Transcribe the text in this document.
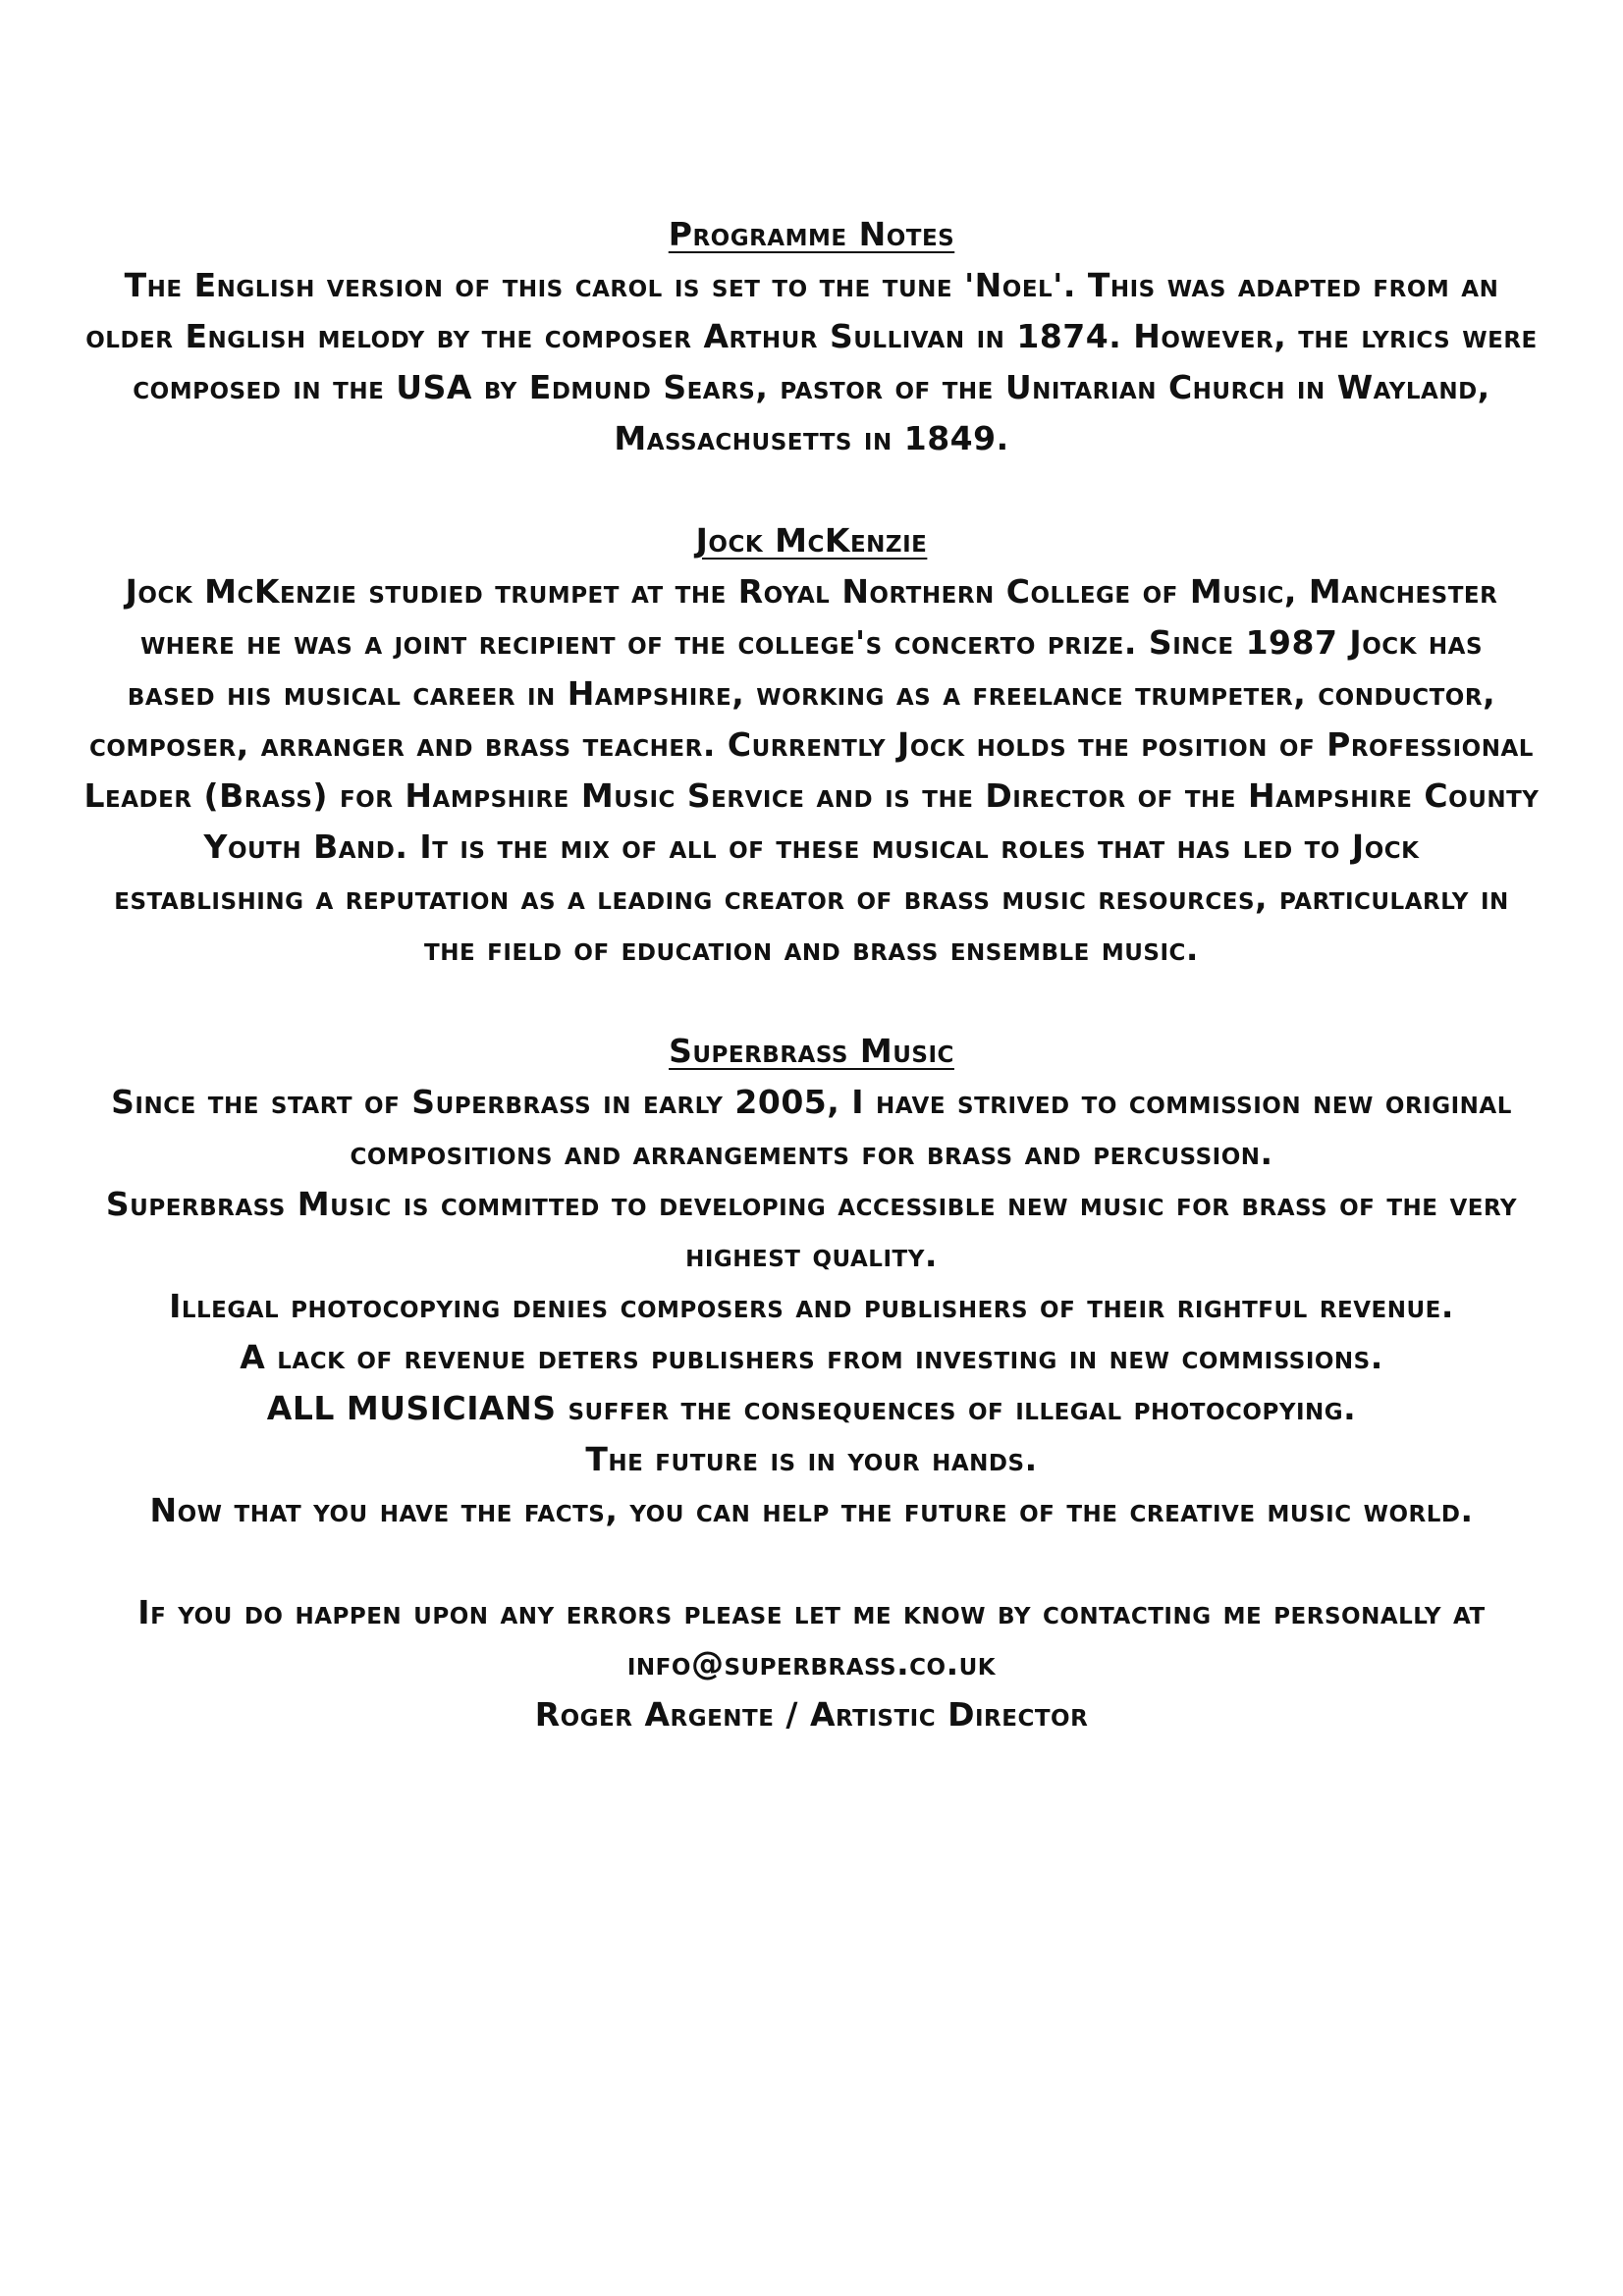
Programme Notes

The English version of this carol is set to the tune 'Noel'. This was adapted from an

older English melody by the composer Arthur Sullivan in 1874. However, the lyrics were

composed in the USA by Edmund Sears, pastor of the Unitarian Church in Wayland,

Massachusetts in 1849.

Jock McKenzie

Jock McKenzie studied trumpet at the Royal Northern College of Music, Manchester

where he was a joint recipient of the college's concerto prize. Since 1987 Jock has

based his musical career in Hampshire, working as a freelance trumpeter, conductor,

composer, arranger and brass teacher. Currently Jock holds the position of Professional

Leader (Brass) for Hampshire Music Service and is the Director of the Hampshire County

Youth Band. It is the mix of all of these musical roles that has led to Jock

establishing a reputation as a leading creator of brass music resources, particularly in

the field of education and brass ensemble music.

Superbrass Music

Since the start of Superbrass in early 2005, I have strived to commission new original

compositions and arrangements for brass and percussion.

Superbrass Music is committed to developing accessible new music for brass of the very

highest quality.

Illegal photocopying denies composers and publishers of their rightful revenue.

A lack of revenue deters publishers from investing in new commissions.

ALL MUSICIANS suffer the consequences of illegal photocopying.

The future is in your hands.

Now that you have the facts, you can help the future of the creative music world.

If you do happen upon any errors please let me know by contacting me personally at

info@superbrass.co.uk

Roger Argente / Artistic Director
